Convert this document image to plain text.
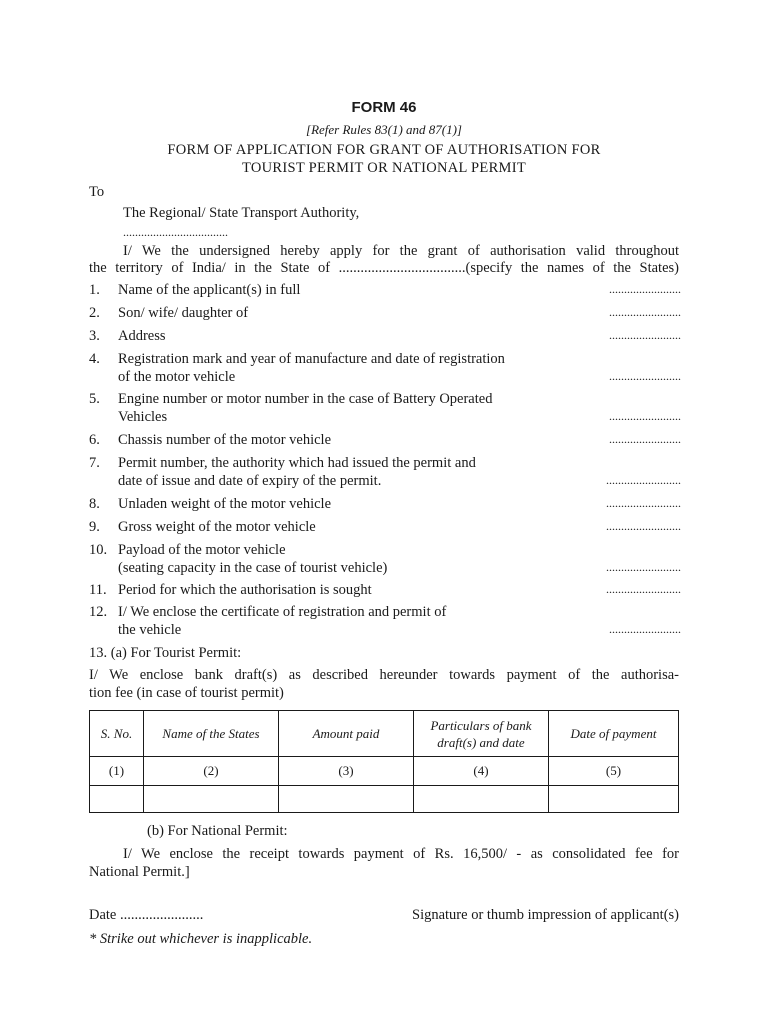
FORM 46
[Refer Rules 83(1) and 87(1)]
FORM OF APPLICATION FOR GRANT OF AUTHORISATION FOR
TOURIST PERMIT OR NATIONAL PERMIT
To
The Regional/ State Transport Authority,
...................................
I/ We the undersigned hereby apply for the grant of authorisation valid throughout
the territory of India/ in the State of ...................................(specify the names of the States)
1. Name of the applicant(s) in full	........................
2. Son/ wife/ daughter of	........................
3. Address	........................
4. Registration mark and year of manufacture and date of registration
of the motor vehicle	........................
5. Engine number or motor number in the case of Battery Operated
Vehicles	........................
6. Chassis number of the motor vehicle	........................
7. Permit number, the authority which had issued the permit and
date of issue and date of expiry of the permit.	.........................
8. Unladen weight of the motor vehicle	.........................
9. Gross weight of the motor vehicle	.........................
10. Payload of the motor vehicle
(seating capacity in the case of tourist vehicle)	.........................
11. Period for which the authorisation is sought	.........................
12. I/ We enclose the certificate of registration and permit of
the vehicle	........................
13. (a) For Tourist Permit:
I/ We enclose bank draft(s) as described hereunder towards payment of the authorisa-
tion fee (in case of tourist permit)
S. No.	Name of the States	Amount paid	Particulars of bank
draft(s) and date	Date of payment
(1)	(2)	(3)	(4)	(5)

(b) For National Permit:
I/ We enclose the receipt towards payment of Rs. 16,500/ - as consolidated fee for
National Permit.]
Date .......................	Signature or thumb impression of applicant(s)
* Strike out whichever is inapplicable.
